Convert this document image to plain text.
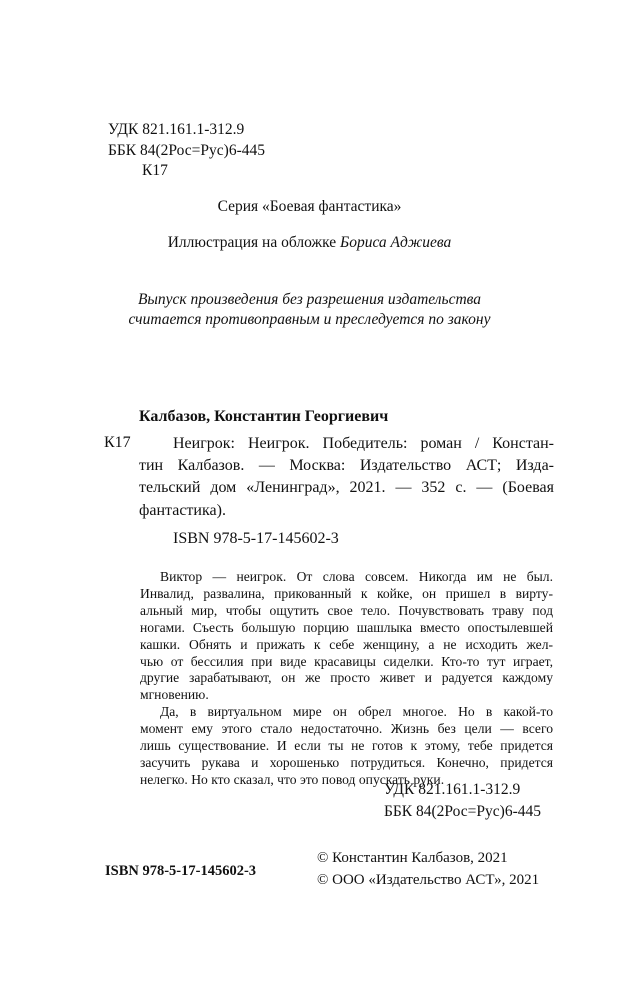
УДК 821.161.1-312.9
ББК 84(2Рос=Рус)6-445
К17
Серия «Боевая фантастика»
Иллюстрация на обложке Бориса Аджиева
Выпуск произведения без разрешения издательства
считается противоправным и преследуется по закону
Калбазов, Константин Георгиевич
К17	Неигрок: Неигрок. Победитель: роман / Констан-
тин Калбазов. — Москва: Издательство АСТ; Изда-
тельский дом «Ленинград», 2021. — 352 с. — (Боевая
фантастика).
ISBN 978-5-17-145602-3
Виктор — неигрок. От слова совсем. Никогда им не был.
Инвалид, развалина, прикованный к койке, он пришел в вирту-
альный мир, чтобы ощутить свое тело. Почувствовать траву под
ногами. Съесть большую порцию шашлыка вместо опостылевшей
кашки. Обнять и прижать к себе женщину, а не исходить жел-
чью от бессилия при виде красавицы сиделки. Кто-то тут играет,
другие зарабатывают, он же просто живет и радуется каждому
мгновению.
Да, в виртуальном мире он обрел многое. Но в какой-то
момент ему этого стало недостаточно. Жизнь без цели — всего
лишь существование. И если ты не готов к этому, тебе придется
засучить рукава и хорошенько потрудиться. Конечно, придется
нелегко. Но кто сказал, что это повод опускать руки.
УДК 821.161.1-312.9
ББК 84(2Рос=Рус)6-445
ISBN 978-5-17-145602-3
© Константин Калбазов, 2021
© ООО «Издательство АСТ», 2021
